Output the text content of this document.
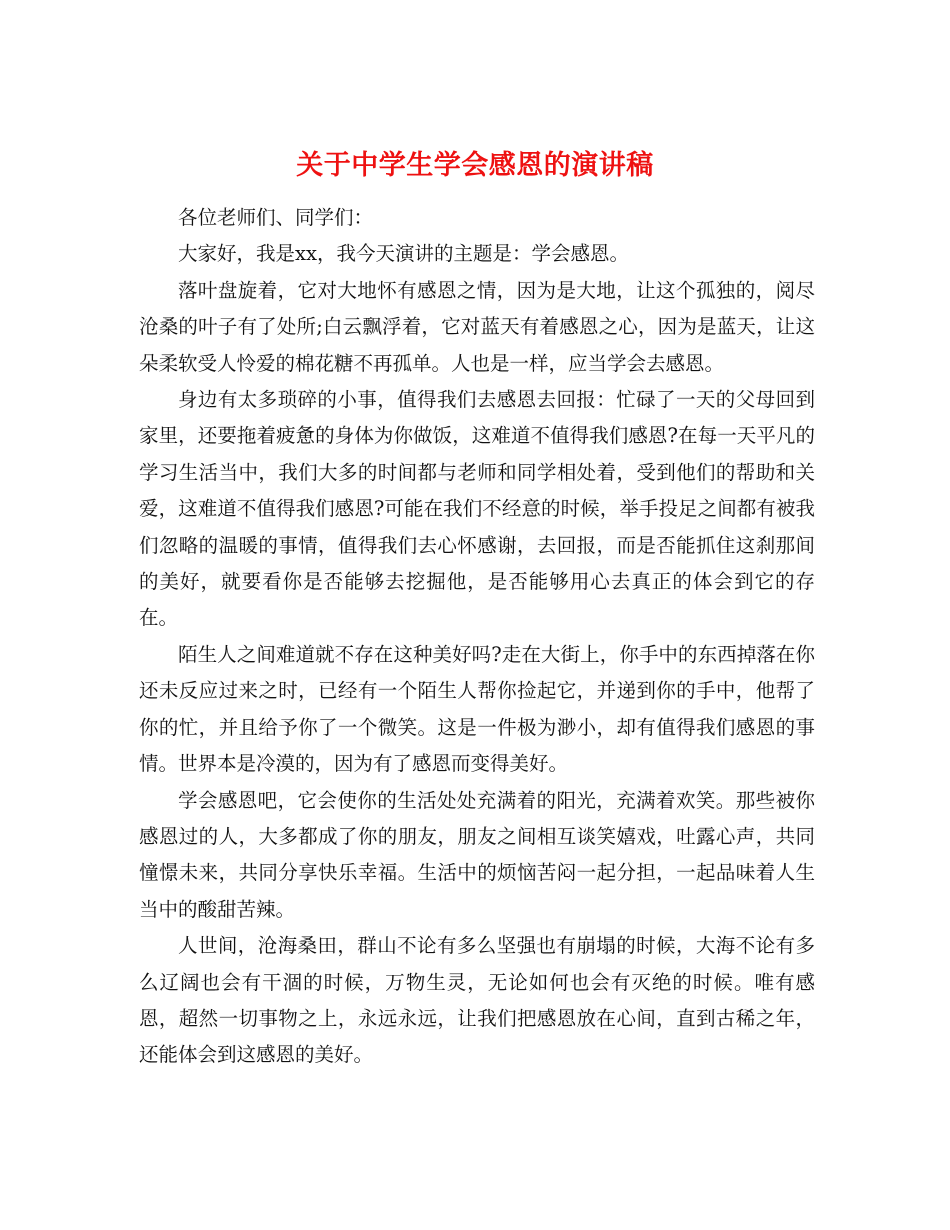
关于中学生学会感恩的演讲稿

各位老师们、同学们：

大家好，我是xx，我今天演讲的主题是：学会感恩。

落叶盘旋着，它对大地怀有感恩之情，因为是大地，让这个孤独的，阅尽沧桑的叶子有了处所;白云飘浮着，它对蓝天有着感恩之心，因为是蓝天，让这朵柔软受人怜爱的棉花糖不再孤单。人也是一样，应当学会去感恩。

身边有太多琐碎的小事，值得我们去感恩去回报：忙碌了一天的父母回到家里，还要拖着疲惫的身体为你做饭，这难道不值得我们感恩?在每一天平凡的学习生活当中，我们大多的时间都与老师和同学相处着，受到他们的帮助和关爱，这难道不值得我们感恩?可能在我们不经意的时候，举手投足之间都有被我们忽略的温暖的事情，值得我们去心怀感谢，去回报，而是否能抓住这刹那间的美好，就要看你是否能够去挖掘他，是否能够用心去真正的体会到它的存在。

陌生人之间难道就不存在这种美好吗?走在大街上，你手中的东西掉落在你还未反应过来之时，已经有一个陌生人帮你捡起它，并递到你的手中，他帮了你的忙，并且给予你了一个微笑。这是一件极为渺小，却有值得我们感恩的事情。世界本是冷漠的，因为有了感恩而变得美好。

学会感恩吧，它会使你的生活处处充满着的阳光，充满着欢笑。那些被你感恩过的人，大多都成了你的朋友，朋友之间相互谈笑嬉戏，吐露心声，共同憧憬未来，共同分享快乐幸福。生活中的烦恼苦闷一起分担，一起品味着人生当中的酸甜苦辣。

人世间，沧海桑田，群山不论有多么坚强也有崩塌的时候，大海不论有多么辽阔也会有干涸的时候，万物生灵，无论如何也会有灭绝的时候。唯有感恩，超然一切事物之上，永远永远，让我们把感恩放在心间，直到古稀之年，还能体会到这感恩的美好。
